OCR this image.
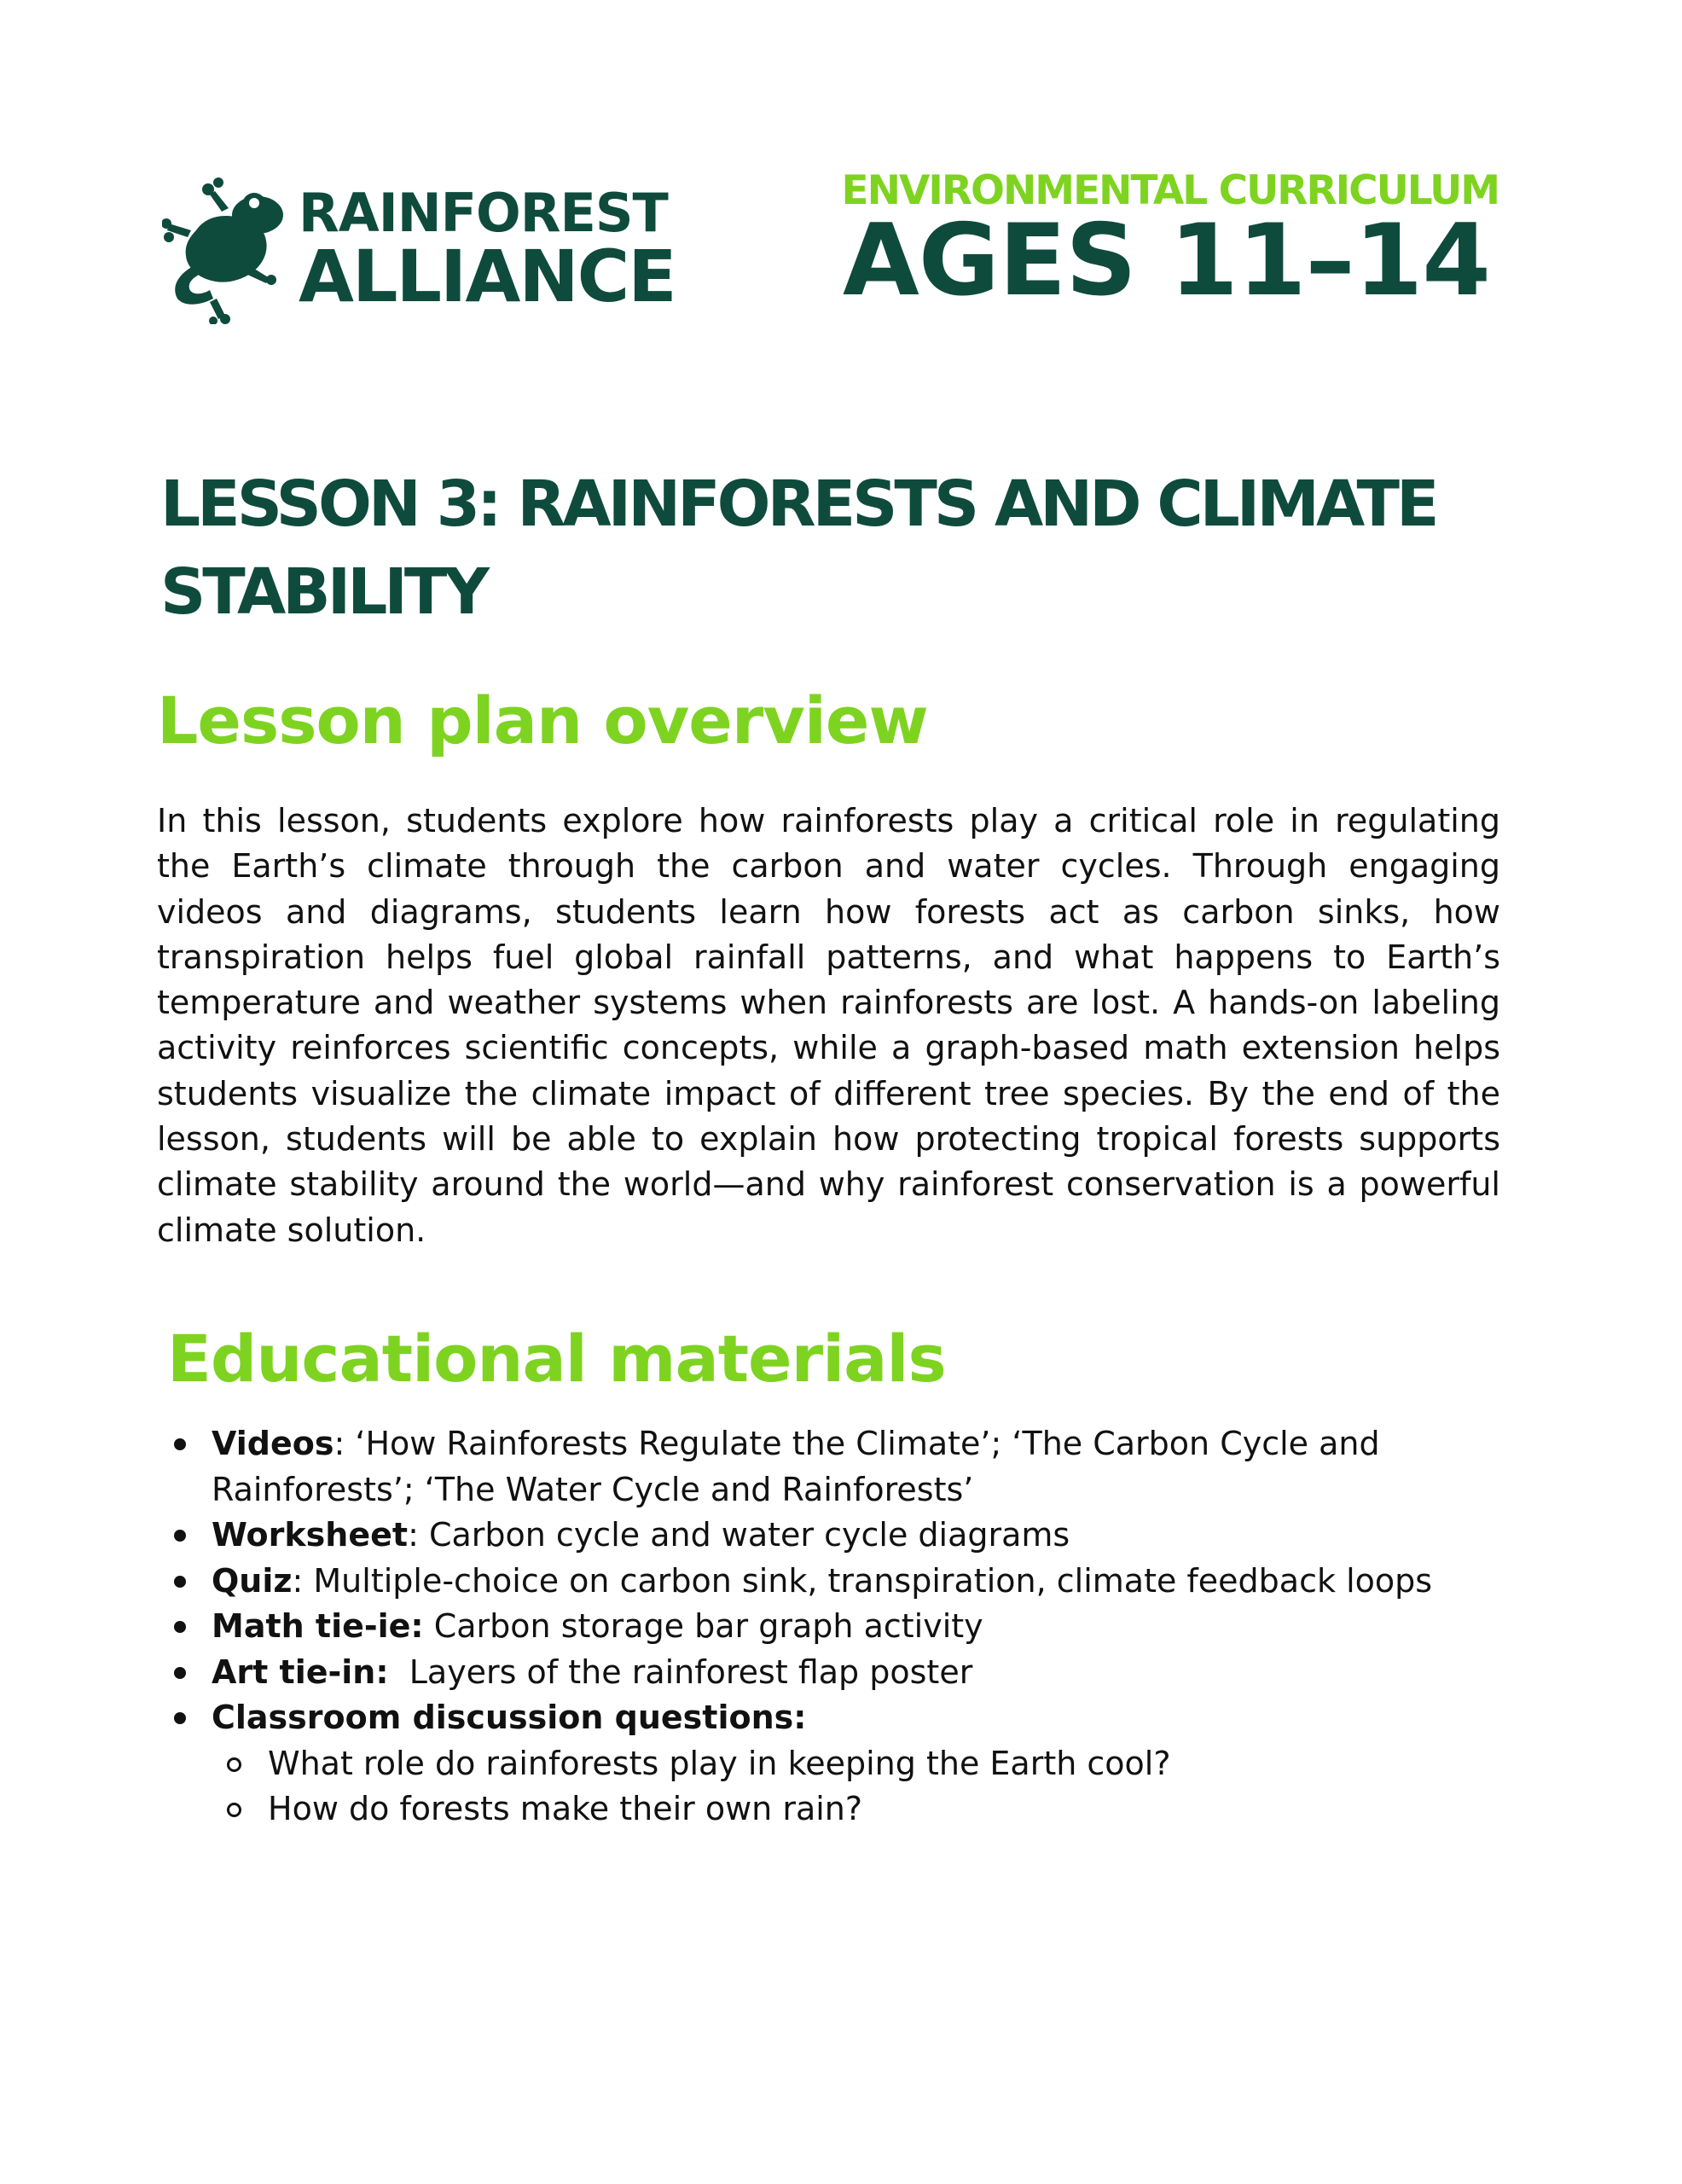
RAINFOREST
ALLIANCE
ENVIRONMENTAL CURRICULUM
AGES 11–14
LESSON 3: RAINFORESTS AND CLIMATE STABILITY
Lesson plan overview

In this lesson, students explore how rainforests play a critical role in regulating the Earth’s climate through the carbon and water cycles. Through engaging videos and diagrams, students learn how forests act as carbon sinks, how transpiration helps fuel global rainfall patterns, and what happens to Earth’s temperature and weather systems when rainforests are lost. A hands-on labeling activity reinforces scientific concepts, while a graph-based math extension helps students visualize the climate impact of different tree species. By the end of the lesson, students will be able to explain how protecting tropical forests supports climate stability around the world—and why rainforest conservation is a powerful climate solution.

Educational materials
Videos: ‘How Rainforests Regulate the Climate’; ‘The Carbon Cycle and Rainforests’; ‘The Water Cycle and Rainforests’
Worksheet: Carbon cycle and water cycle diagrams
Quiz: Multiple-choice on carbon sink, transpiration, climate feedback loops
Math tie-ie: Carbon storage bar graph activity
Art tie-in: Layers of the rainforest flap poster
Classroom discussion questions:
What role do rainforests play in keeping the Earth cool?
How do forests make their own rain?
